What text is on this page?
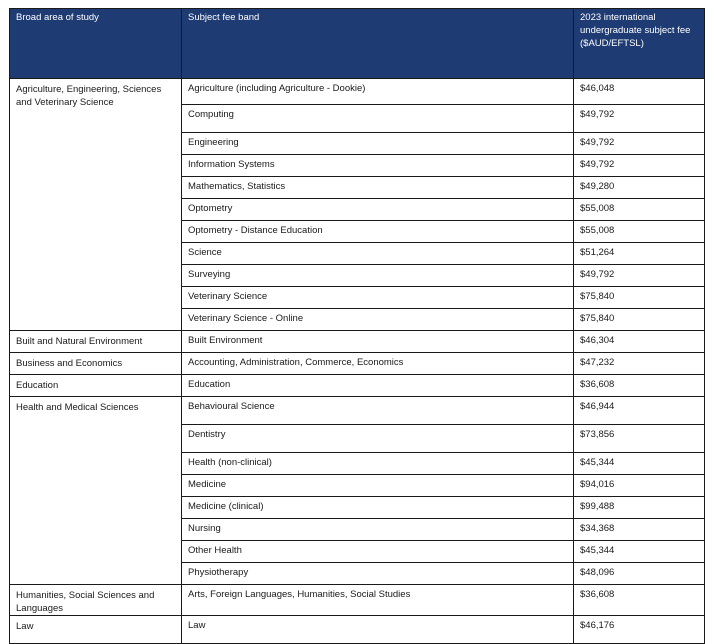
Broad area of study	Subject fee band	2023 international undergraduate subject fee ($AUD/EFTSL)
Agriculture, Engineering, Sciences and Veterinary Science	Agriculture (including Agriculture - Dookie)	$46,048
	Computing	$49,792
	Engineering	$49,792
	Information Systems	$49,792
	Mathematics, Statistics	$49,280
	Optometry	$55,008
	Optometry - Distance Education	$55,008
	Science	$51,264
	Surveying	$49,792
	Veterinary Science	$75,840
	Veterinary Science - Online	$75,840
Built and Natural Environment	Built Environment	$46,304
Business and Economics	Accounting, Administration, Commerce, Economics	$47,232
Education	Education	$36,608
Health and Medical Sciences	Behavioural Science	$46,944
	Dentistry	$73,856
	Health (non-clinical)	$45,344
	Medicine	$94,016
	Medicine (clinical)	$99,488
	Nursing	$34,368
	Other Health	$45,344
	Physiotherapy	$48,096
Humanities, Social Sciences and Languages	Arts, Foreign Languages, Humanities, Social Studies	$36,608
Law	Law	$46,176
